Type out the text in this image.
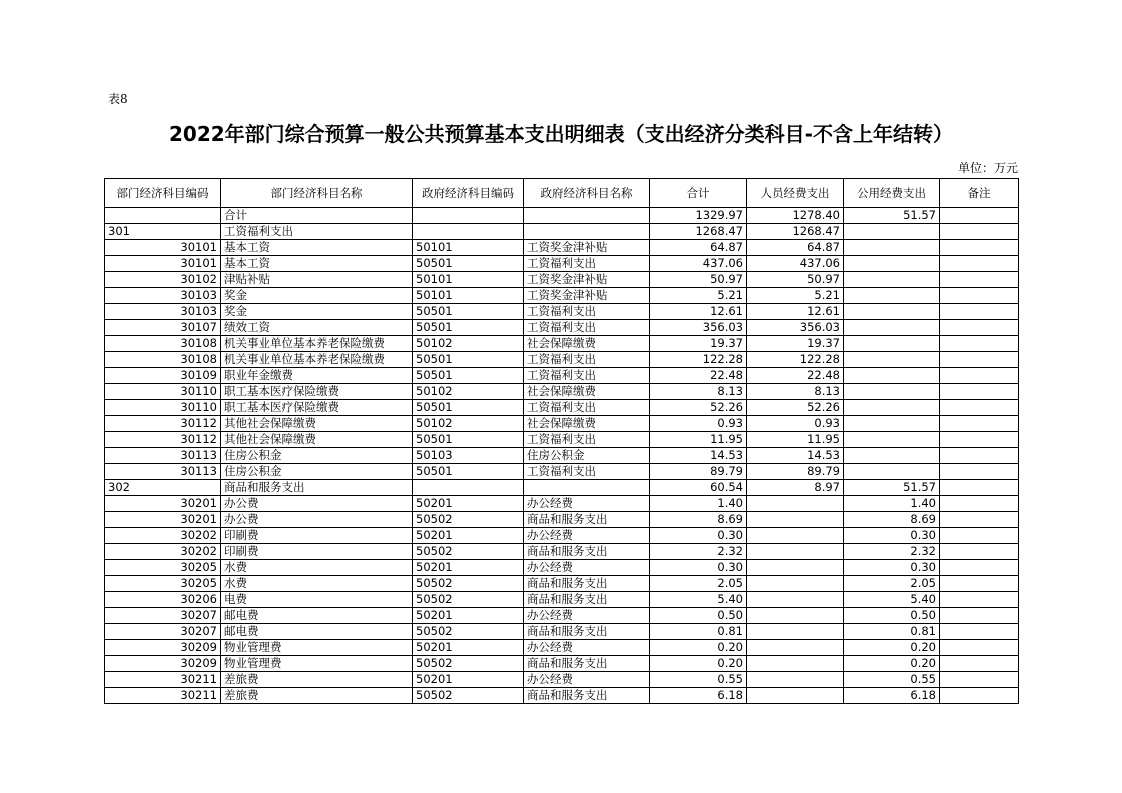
表8
2022年部门综合预算一般公共预算基本支出明细表（支出经济分类科目-不含上年结转）
单位：万元
部门经济科目编码	部门经济科目名称	政府经济科目编码	政府经济科目名称	合计	人员经费支出	公用经费支出	备注
	合计			1329.97	1278.40	51.57	
301	工资福利支出			1268.47	1268.47		
30101	基本工资	50101	工资奖金津补贴	64.87	64.87		
30101	基本工资	50501	工资福利支出	437.06	437.06		
30102	津贴补贴	50101	工资奖金津补贴	50.97	50.97		
30103	奖金	50101	工资奖金津补贴	5.21	5.21		
30103	奖金	50501	工资福利支出	12.61	12.61		
30107	绩效工资	50501	工资福利支出	356.03	356.03		
30108	机关事业单位基本养老保险缴费	50102	社会保障缴费	19.37	19.37		
30108	机关事业单位基本养老保险缴费	50501	工资福利支出	122.28	122.28		
30109	职业年金缴费	50501	工资福利支出	22.48	22.48		
30110	职工基本医疗保险缴费	50102	社会保障缴费	8.13	8.13		
30110	职工基本医疗保险缴费	50501	工资福利支出	52.26	52.26		
30112	其他社会保障缴费	50102	社会保障缴费	0.93	0.93		
30112	其他社会保障缴费	50501	工资福利支出	11.95	11.95		
30113	住房公积金	50103	住房公积金	14.53	14.53		
30113	住房公积金	50501	工资福利支出	89.79	89.79		
302	商品和服务支出			60.54	8.97	51.57	
30201	办公费	50201	办公经费	1.40		1.40	
30201	办公费	50502	商品和服务支出	8.69		8.69	
30202	印刷费	50201	办公经费	0.30		0.30	
30202	印刷费	50502	商品和服务支出	2.32		2.32	
30205	水费	50201	办公经费	0.30		0.30	
30205	水费	50502	商品和服务支出	2.05		2.05	
30206	电费	50502	商品和服务支出	5.40		5.40	
30207	邮电费	50201	办公经费	0.50		0.50	
30207	邮电费	50502	商品和服务支出	0.81		0.81	
30209	物业管理费	50201	办公经费	0.20		0.20	
30209	物业管理费	50502	商品和服务支出	0.20		0.20	
30211	差旅费	50201	办公经费	0.55		0.55	
30211	差旅费	50502	商品和服务支出	6.18		6.18	
